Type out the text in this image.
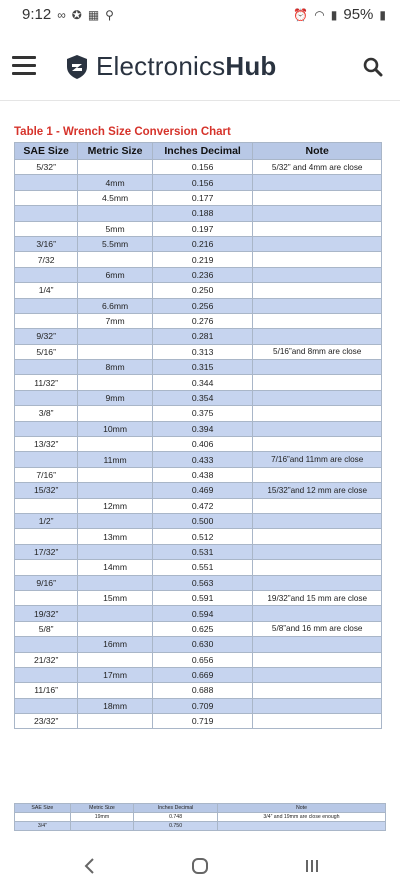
9:12 ∞ ✪ ▦ ⚲	⏰ ◠ ▮ 95% ▮
ElectronicsHub
Table 1 - Wrench Size Conversion Chart
SAE Size	Metric Size	Inches Decimal	Note
5/32”		0.156	5/32” and 4mm are close
	4mm	0.156	
	4.5mm	0.177	
		0.188	
	5mm	0.197	
3/16”	5.5mm	0.216	
7/32		0.219	
	6mm	0.236	
1/4”		0.250	
	6.6mm	0.256	
	7mm	0.276	
9/32”		0.281	
5/16”		0.313	5/16”and 8mm are close
	8mm	0.315	
11/32”		0.344	
	9mm	0.354	
3/8”		0.375	
	10mm	0.394	
13/32”		0.406	
	11mm	0.433	7/16”and 11mm are close
7/16”		0.438	
15/32”		0.469	15/32”and 12 mm are close
	12mm	0.472	
1/2”		0.500	
	13mm	0.512	
17/32”		0.531	
	14mm	0.551	
9/16”		0.563	
	15mm	0.591	19/32”and 15 mm are close
19/32”		0.594	
5/8”		0.625	5/8”and 16 mm are close
	16mm	0.630	
21/32”		0.656	
	17mm	0.669	
11/16”		0.688	
	18mm	0.709	
23/32”		0.719	
SAE Size	Metric Size	Inches Decimal	Note
	19mm	0.748	3/4” and 19mm are close enough
3/4”		0.750	
